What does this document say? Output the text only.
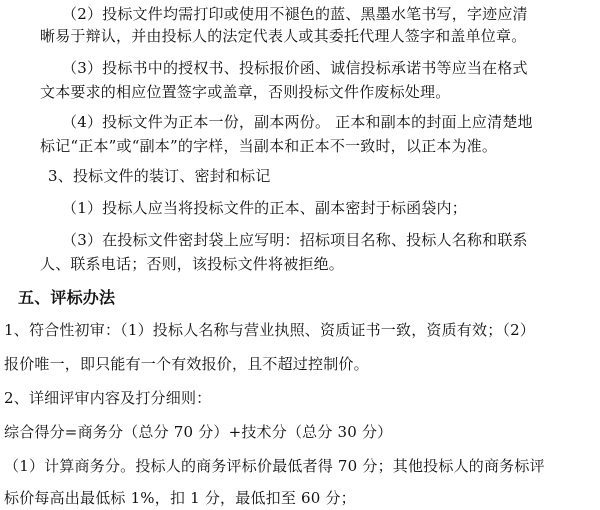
（2）投标文件均需打印或使用不褪色的蓝、黑墨水笔书写，字迹应清
晰易于辩认，并由投标人的法定代表人或其委托代理人签字和盖单位章。
（3）投标书中的授权书、投标报价函、诚信投标承诺书等应当在格式
文本要求的相应位置签字或盖章，否则投标文件作废标处理。
（4）投标文件为正本一份，副本两份。 正本和副本的封面上应清楚地
标记“正本”或“副本”的字样，当副本和正本不一致时，以正本为准。
3、投标文件的装订、密封和标记
（1）投标人应当将投标文件的正本、副本密封于标函袋内；
（3）在投标文件密封袋上应写明：招标项目名称、投标人名称和联系
人、联系电话；否则，该投标文件将被拒绝。
五、评标办法
1、符合性初审：（1）投标人名称与营业执照、资质证书一致，资质有效；（2）
报价唯一，即只能有一个有效报价，且不超过控制价。
2、详细评审内容及打分细则：
综合得分=商务分（总分 70 分）+技术分（总分 30 分）
（1）计算商务分。投标人的商务评标价最低者得 70 分；其他投标人的商务标评
标价每高出最低标 1%，扣 1 分，最低扣至 60 分；
